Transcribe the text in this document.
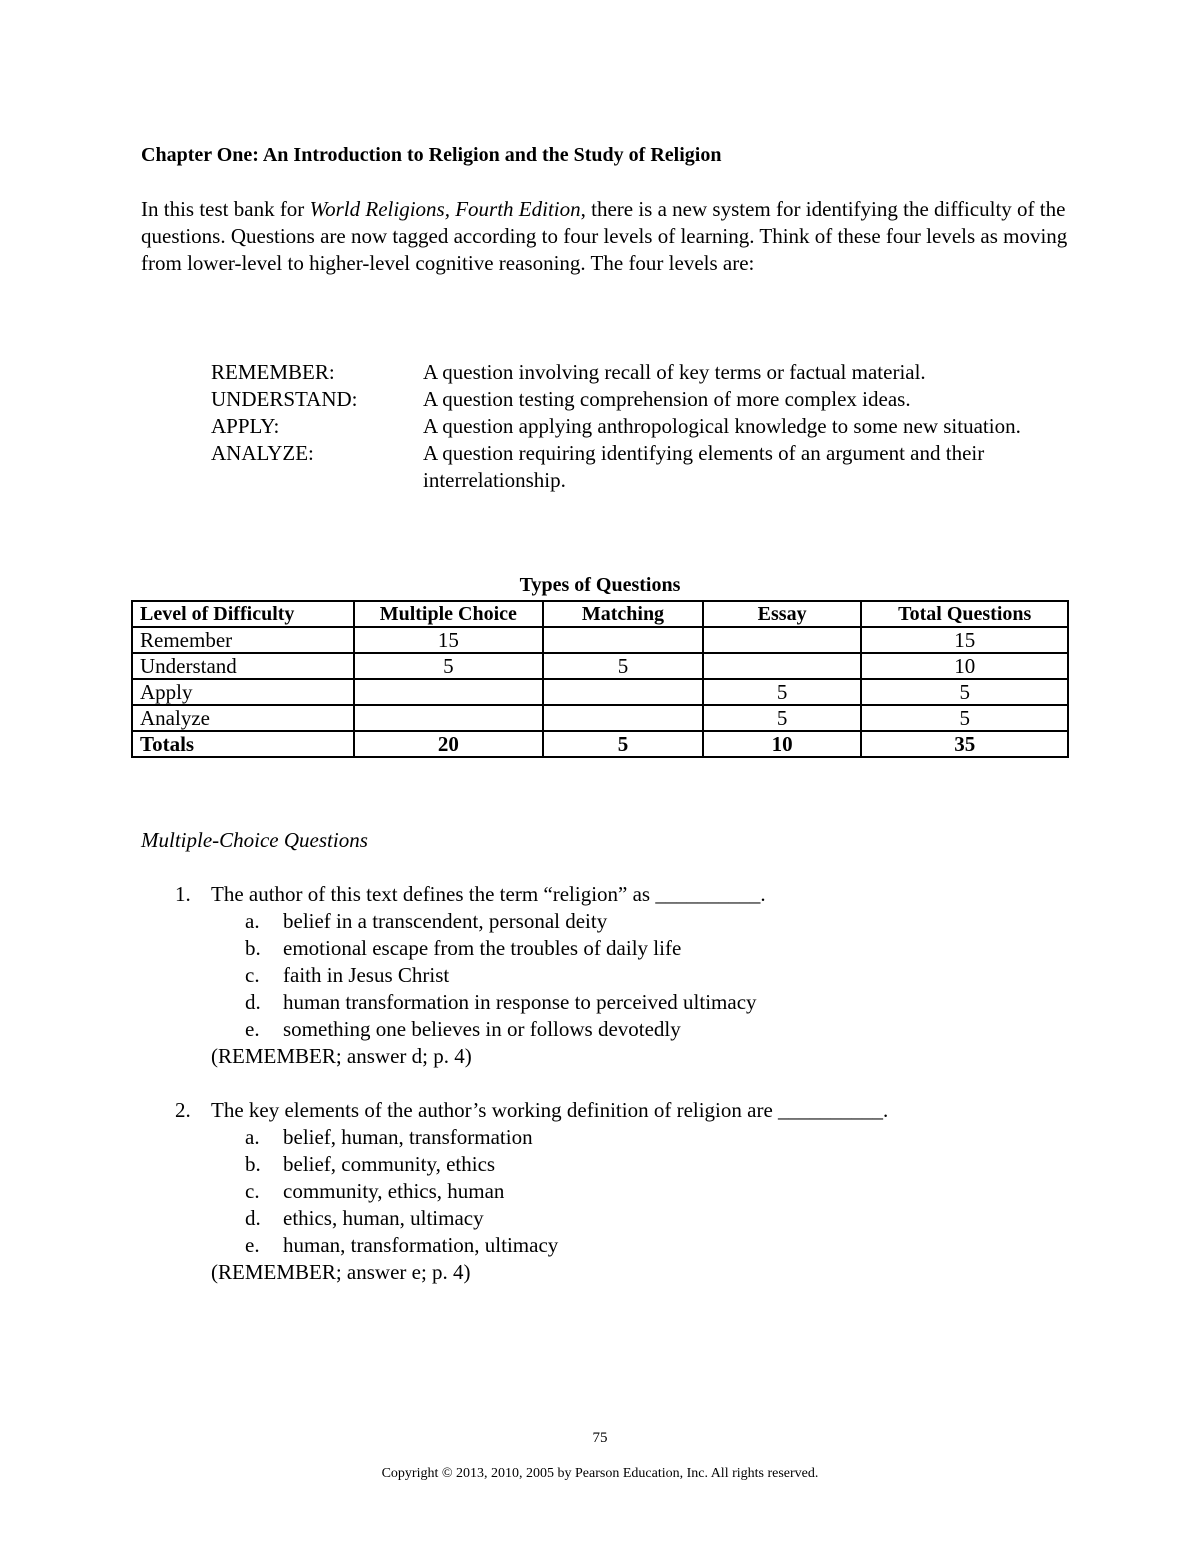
Chapter One: An Introduction to Religion and the Study of Religion

In this test bank for World Religions, Fourth Edition, there is a new system for identifying the difficulty of the questions. Questions are now tagged according to four levels of learning. Think of these four levels as moving from lower-level to higher-level cognitive reasoning. The four levels are:

REMEMBER:	A question involving recall of key terms or factual material.
UNDERSTAND:	A question testing comprehension of more complex ideas.
APPLY:	A question applying anthropological knowledge to some new situation.
ANALYZE:	A question requiring identifying elements of an argument and their interrelationship.
Types of Questions
Level of Difficulty	Multiple Choice	Matching	Essay	Total Questions
Remember	15			15
Understand	5	5		10
Apply			5	5
Analyze			5	5
Totals	20	5	10	35
Multiple-Choice Questions
1. The author of this text defines the term “religion” as __________.
a.	belief in a transcendent, personal deity
b.	emotional escape from the troubles of daily life
c.	faith in Jesus Christ
d.	human transformation in response to perceived ultimacy
e.	something one believes in or follows devotedly
(REMEMBER; answer d; p. 4)
2. The key elements of the author’s working definition of religion are __________.
a.	belief, human, transformation
b.	belief, community, ethics
c.	community, ethics, human
d.	ethics, human, ultimacy
e.	human, transformation, ultimacy
(REMEMBER; answer e; p. 4)
75
Copyright © 2013, 2010, 2005 by Pearson Education, Inc. All rights reserved.
